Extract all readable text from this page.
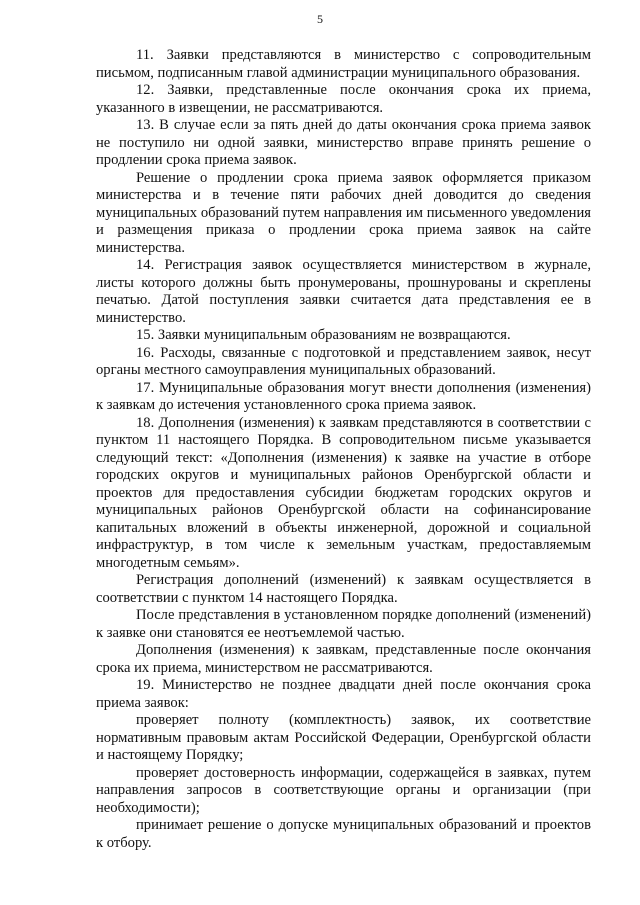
5

11. Заявки представляются в министерство с сопроводительным письмом, подписанным главой администрации муниципального образования.

12. Заявки, представленные после окончания срока их приема, указанного в извещении, не рассматриваются.

13. В случае если за пять дней до даты окончания срока приема заявок не поступило ни одной заявки, министерство вправе принять решение о продлении срока приема заявок.

Решение о продлении срока приема заявок оформляется приказом министерства и в течение пяти рабочих дней доводится до сведения муниципальных образований путем направления им письменного уведомления и размещения приказа о продлении срока приема заявок на сайте министерства.

14. Регистрация заявок осуществляется министерством в журнале, листы которого должны быть пронумерованы, прошнурованы и скреплены печатью. Датой поступления заявки считается дата представления ее в министерство.

15. Заявки муниципальным образованиям не возвращаются.

16. Расходы, связанные с подготовкой и представлением заявок, несут органы местного самоуправления муниципальных образований.

17. Муниципальные образования могут внести дополнения (изменения) к заявкам до истечения установленного срока приема заявок.

18. Дополнения (изменения) к заявкам представляются в соответствии с пунктом 11 настоящего Порядка. В сопроводительном письме указывается следующий текст: «Дополнения (изменения) к заявке на участие в отборе городских округов и муниципальных районов Оренбургской области и проектов для предоставления субсидии бюджетам городских округов и муниципальных районов Оренбургской области на софинансирование капитальных вложений в объекты инженерной, дорожной и социальной инфраструктур, в том числе к земельным участкам, предоставляемым многодетным семьям».

Регистрация дополнений (изменений) к заявкам осуществляется в соответствии с пунктом 14 настоящего Порядка.

После представления в установленном порядке дополнений (изменений) к заявке они становятся ее неотъемлемой частью.

Дополнения (изменения) к заявкам, представленные после окончания срока их приема, министерством не рассматриваются.

19. Министерство не позднее двадцати дней после окончания срока приема заявок:

проверяет полноту (комплектность) заявок, их соответствие нормативным правовым актам Российской Федерации, Оренбургской области и настоящему Порядку;

проверяет достоверность информации, содержащейся в заявках, путем направления запросов в соответствующие органы и организации (при необходимости);

принимает решение о допуске муниципальных образований и проектов к отбору.
